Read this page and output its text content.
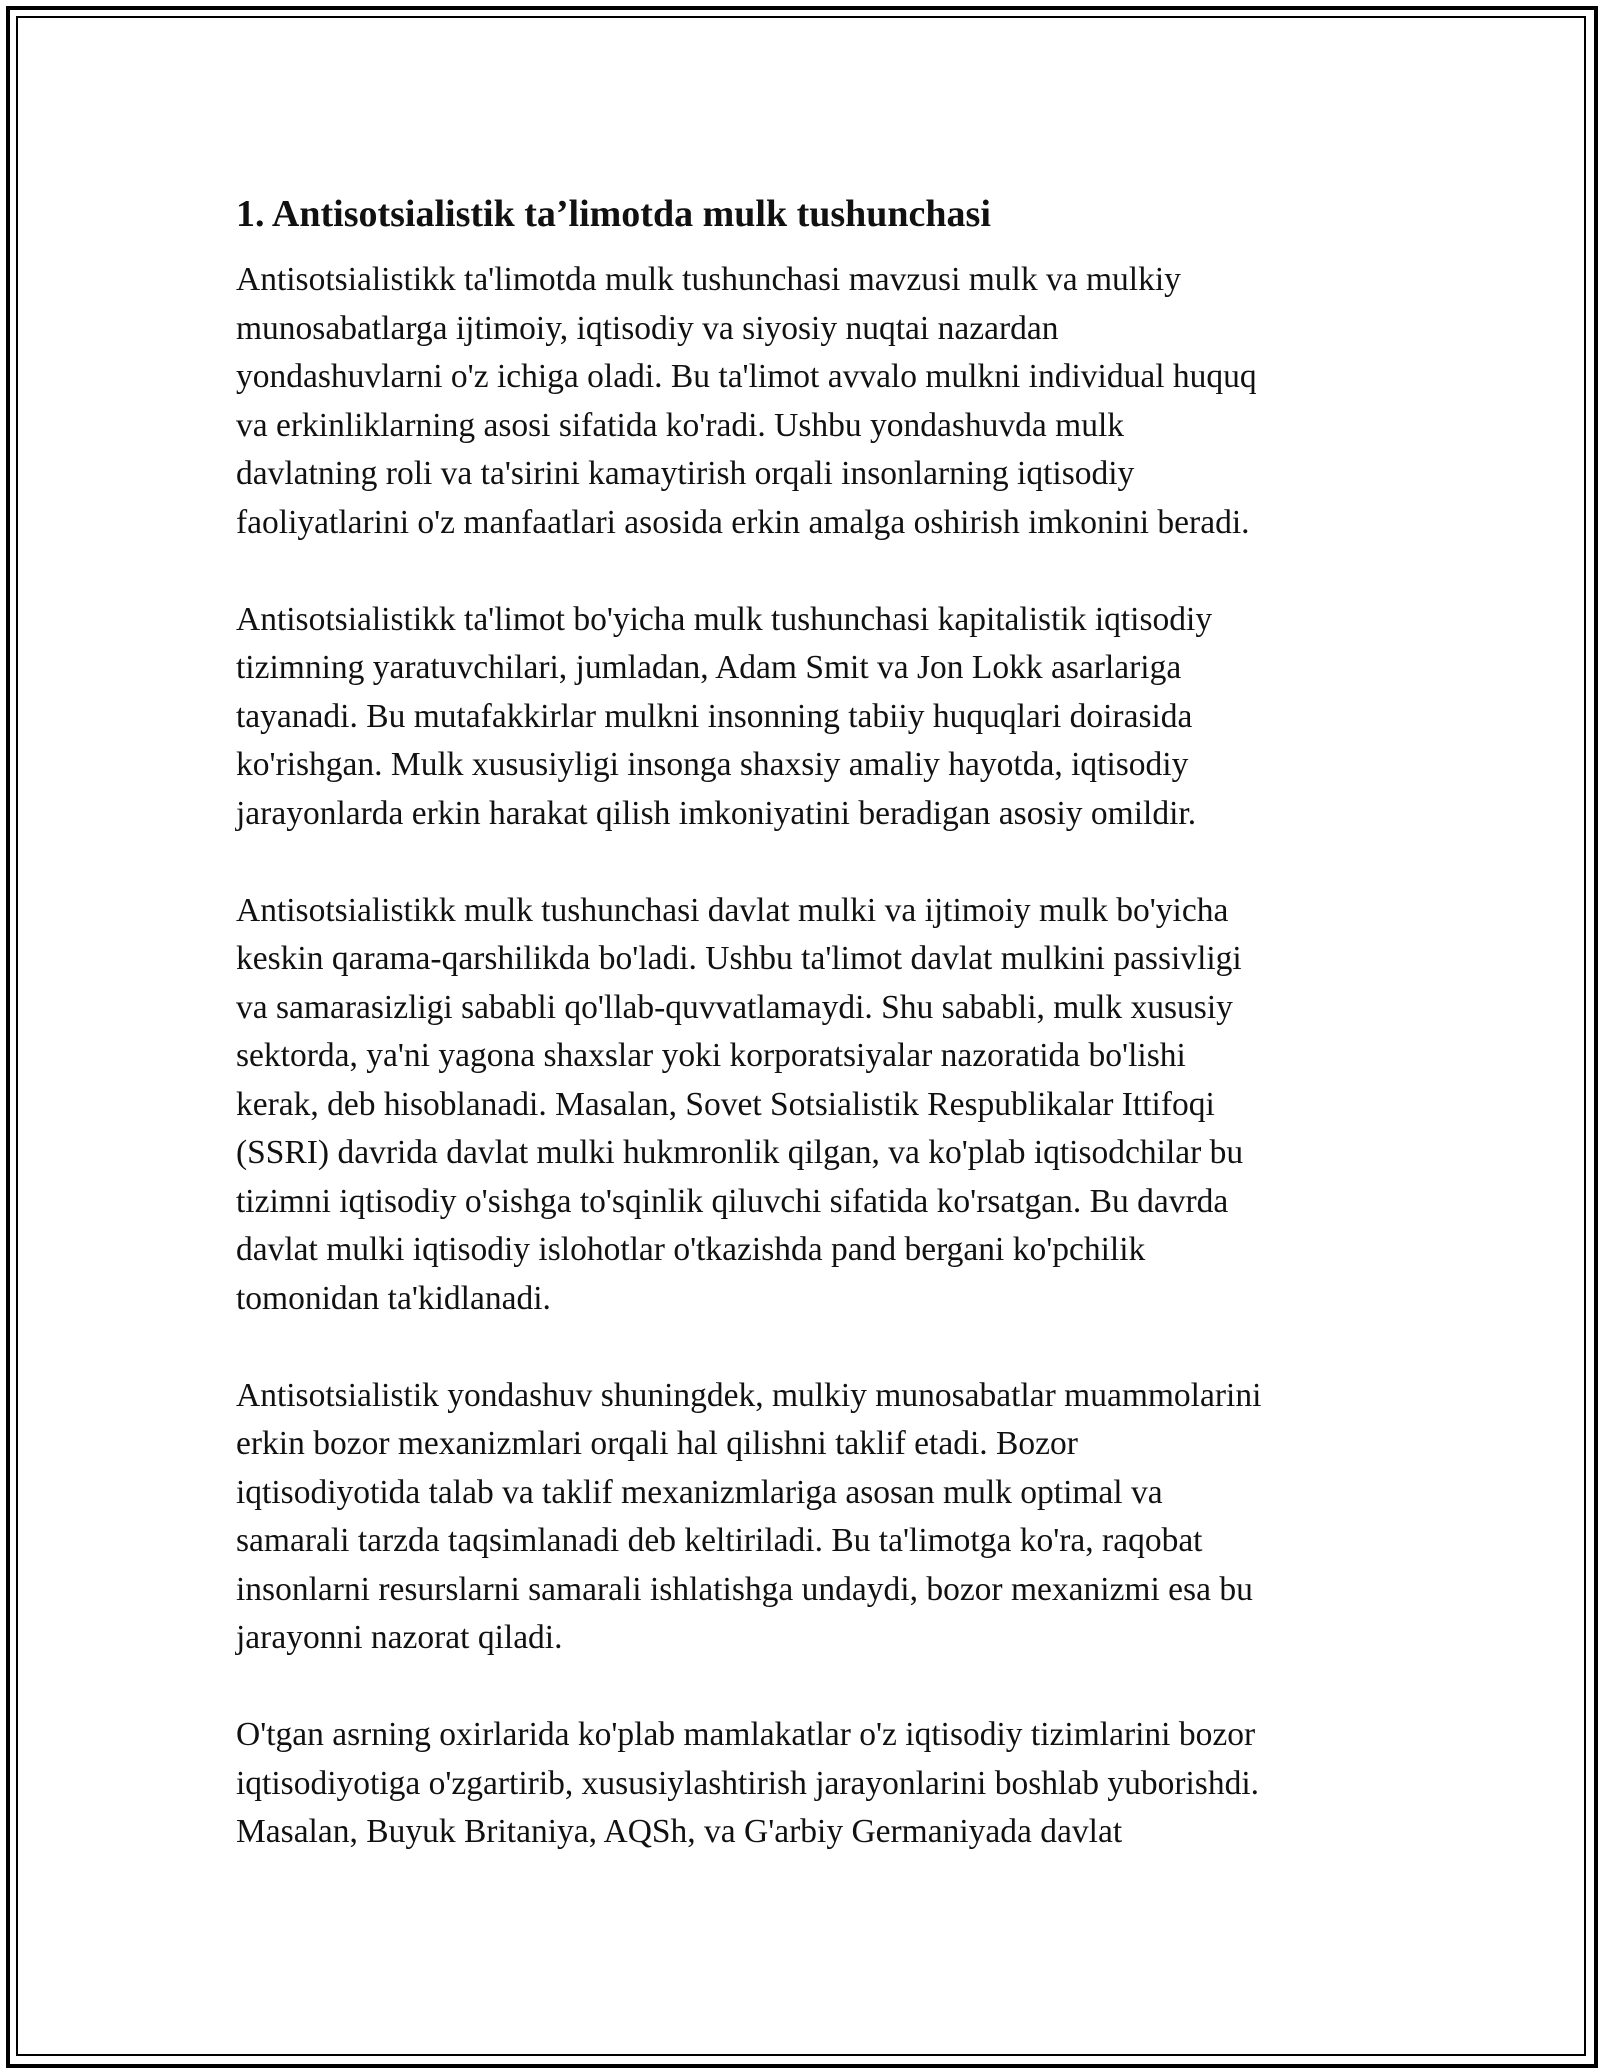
1. Antisotsialistik ta’limotda mulk tushunchasi

Antisotsialistikk ta'limotda mulk tushunchasi mavzusi mulk va mulkiy
munosabatlarga ijtimoiy, iqtisodiy va siyosiy nuqtai nazardan
yondashuvlarni o'z ichiga oladi. Bu ta'limot avvalo mulkni individual huquq
va erkinliklarning asosi sifatida ko'radi. Ushbu yondashuvda mulk
davlatning roli va ta'sirini kamaytirish orqali insonlarning iqtisodiy
faoliyatlarini o'z manfaatlari asosida erkin amalga oshirish imkonini beradi.

Antisotsialistikk ta'limot bo'yicha mulk tushunchasi kapitalistik iqtisodiy
tizimning yaratuvchilari, jumladan, Adam Smit va Jon Lokk asarlariga
tayanadi. Bu mutafakkirlar mulkni insonning tabiiy huquqlari doirasida
ko'rishgan. Mulk xususiyligi insonga shaxsiy amaliy hayotda, iqtisodiy
jarayonlarda erkin harakat qilish imkoniyatini beradigan asosiy omildir.

Antisotsialistikk mulk tushunchasi davlat mulki va ijtimoiy mulk bo'yicha
keskin qarama-qarshilikda bo'ladi. Ushbu ta'limot davlat mulkini passivligi
va samarasizligi sababli qo'llab-quvvatlamaydi. Shu sababli, mulk xususiy
sektorda, ya'ni yagona shaxslar yoki korporatsiyalar nazoratida bo'lishi
kerak, deb hisoblanadi. Masalan, Sovet Sotsialistik Respublikalar Ittifoqi
(SSRI) davrida davlat mulki hukmronlik qilgan, va ko'plab iqtisodchilar bu
tizimni iqtisodiy o'sishga to'sqinlik qiluvchi sifatida ko'rsatgan. Bu davrda
davlat mulki iqtisodiy islohotlar o'tkazishda pand bergani ko'pchilik
tomonidan ta'kidlanadi.

Antisotsialistik yondashuv shuningdek, mulkiy munosabatlar muammolarini
erkin bozor mexanizmlari orqali hal qilishni taklif etadi. Bozor
iqtisodiyotida talab va taklif mexanizmlariga asosan mulk optimal va
samarali tarzda taqsimlanadi deb keltiriladi. Bu ta'limotga ko'ra, raqobat
insonlarni resurslarni samarali ishlatishga undaydi, bozor mexanizmi esa bu
jarayonni nazorat qiladi.

O'tgan asrning oxirlarida ko'plab mamlakatlar o'z iqtisodiy tizimlarini bozor
iqtisodiyotiga o'zgartirib, xususiylashtirish jarayonlarini boshlab yuborishdi.
Masalan, Buyuk Britaniya, AQSh, va G'arbiy Germaniyada davlat
